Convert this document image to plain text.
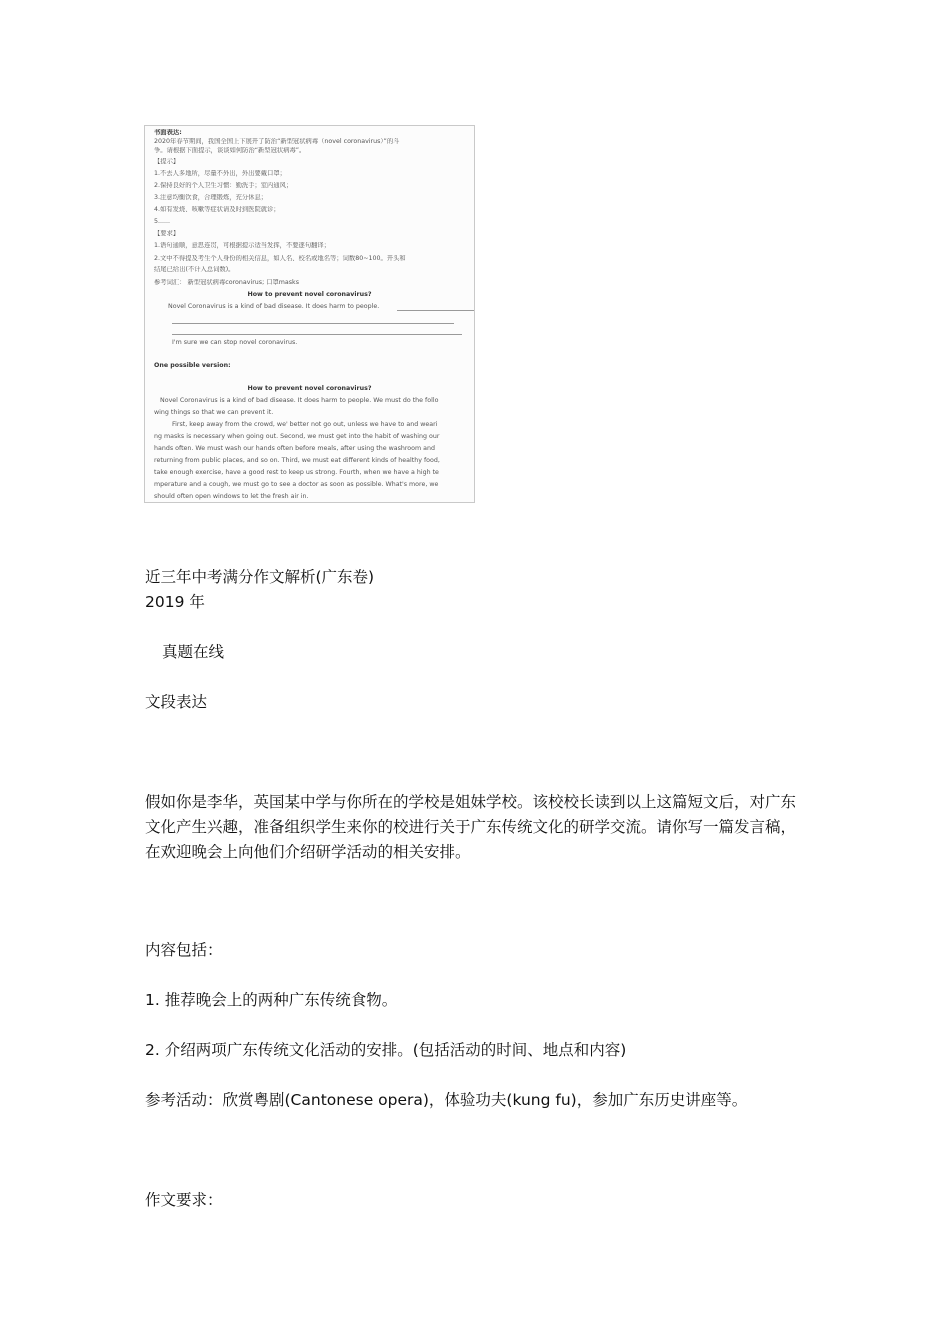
书面表达:
2020年春节期间，我国全国上下展开了防治“新型冠状病毒（novel coronavirus）”的斗
争。请根据下面提示，谈谈如何防治“新型冠状病毒”。
【提示】
1.不去人多地所，尽量不外出，外出要戴口罩；
2.保持良好的个人卫生习惯：勤洗手；室内通风；
3.注意均衡饮食，合理锻炼，充分休息；
4.如有发烧、咳嗽等症状请及时到医院就诊；
5......
【要求】
1.语句通顺，意思连贯，可根据提示适当发挥，不要逐句翻译；
2.文中不得提及考生个人身份的相关信息，如人名、校名或地名等；词数80~100。开头和
结尾已给出(不计入总词数)。
参考词汇： 新型冠状病毒coronavirus; 口罩masks
How to prevent novel coronavirus?
Novel Coronavirus is a kind of bad disease. It does harm to people.
I'm sure we can stop novel coronavirus.
One possible version:
How to prevent novel coronavirus?
Novel Coronavirus is a kind of bad disease. It does harm to people. We must do the follo
wing things so that we can prevent it.
First, keep away from the crowd, we' better not go out, unless we have to and weari
ng masks is necessary when going out. Second, we must get into the habit of washing our
hands often. We must wash our hands often before meals, after using the washroom and
returning from public places, and so on. Third, we must eat different kinds of healthy food,
take enough exercise, have a good rest to keep us strong. Fourth, when we have a high te
mperature and a cough, we must go to see a doctor as soon as possible. What's more, we
should often open windows to let the fresh air in.
近三年中考满分作文解析(广东卷)
2019 年
真题在线
文段表达
假如你是李华，英国某中学与你所在的学校是姐妹学校。该校校长读到以上这篇短文后，对广东文化产生兴趣，准备组织学生来你的校进行关于广东传统文化的研学交流。请你写一篇发言稿，在欢迎晚会上向他们介绍研学活动的相关安排。
内容包括：
1. 推荐晚会上的两种广东传统食物。
2. 介绍两项广东传统文化活动的安排。(包括活动的时间、地点和内容)
参考活动：欣赏粤剧(Cantonese opera)，体验功夫(kung fu)，参加广东历史讲座等。
作文要求：
